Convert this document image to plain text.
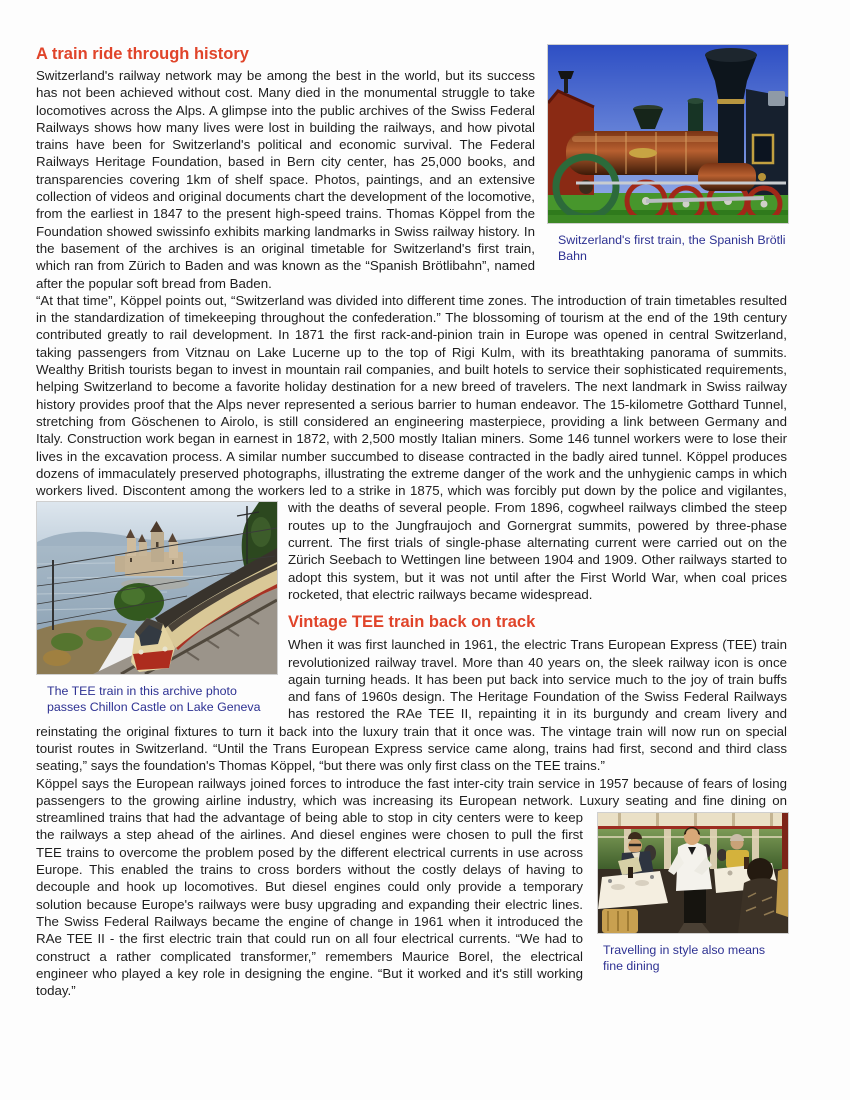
Switzerland's first train, the Spanish Brötli Bahn
A train ride through history

Switzerland's railway network may be among the best in the world, but its success has not been achieved without cost. Many died in the monumental struggle to take locomotives across the Alps. A glimpse into the public archives of the Swiss Federal Railways shows how many lives were lost in building the railways, and how pivotal trains have been for Switzerland's political and economic survival. The Federal Railways Heritage Foundation, based in Bern city center, has 25,000 books, and transparencies covering 1km of shelf space. Photos, paintings, and an extensive collection of videos and original documents chart the development of the locomotive, from the earliest in 1847 to the present high-speed trains. Thomas Köppel from the Foundation showed swissinfo exhibits marking landmarks in Swiss railway history. In the basement of the archives is an original timetable for Switzerland's first train, which ran from Zürich to Baden and was known as the “Spanish Brötlibahn”, named after the popular soft bread from Baden.

“At that time”, Köppel points out, “Switzerland was divided into different time zones. The introduction of train timetables resulted in the standardization of timekeeping throughout the confederation.” The blossoming of tourism at the end of the 19th century contributed greatly to rail development. In 1871 the first rack-and-pinion train in Europe was opened in central Switzerland, taking passengers from Vitznau on Lake Lucerne up to the top of Rigi Kulm, with its breathtaking panorama of summits. Wealthy British tourists began to invest in mountain rail companies, and built hotels to service their sophisticated requirements, helping Switzerland to become a favorite holiday destination for a new breed of travelers. The next landmark in Swiss railway history provides proof that the Alps never represented a serious barrier to human endeavor. The 15-kilometre Gotthard Tunnel, stretching from Göschenen to Airolo, is still considered an engineering masterpiece, providing a link between Germany and Italy. Construction work began in earnest in 1872, with 2,500 mostly Italian miners. Some 146 tunnel workers were to lose their lives in the excavation process. A similar number succumbed to disease contracted in the badly aired tunnel. Köppel produces dozens of immaculately preserved photographs, illustrating the extreme danger of the work and the unhygienic camps in which workers lived. Discontent among the workers led to a strike in 1875, which was forcibly put down by the police and vigilantes, with the deaths of several people. From 1896,
The TEE train in this archive photo passes Chillon Castle on Lake Geneva
cogwheel railways climbed the steep routes up to the Jungfraujoch and Gornergrat summits, powered by three-phase current. The first trials of single-phase alternating current were carried out on the Zürich Seebach to Wettingen line between 1904 and 1909. Other railways started to adopt this system, but it was not until after the First World War, when coal prices rocketed, that electric railways became widespread.

Vintage TEE train back on track

When it was first launched in 1961, the electric Trans European Express (TEE) train revolutionized railway travel. More than 40 years on, the sleek railway icon is once again turning heads. It has been put back into service much to the joy of train buffs and fans of 1960s design. The Heritage Foundation of the Swiss Federal Railways has restored the RAe TEE II, repainting it in its burgundy and cream livery and reinstating the original fixtures to turn it back into the luxury train that it once was. The vintage train will now run on special tourist routes in Switzerland. “Until the Trans European Express service came along, trains had first, second and third class seating,” says the foundation's Thomas Köppel, “but there was only first class on the TEE trains.”

Köppel says the European railways joined forces to introduce the fast inter-city train service in 1957 because of fears of losing passengers to the growing airline industry, which was increasing its European network. Luxury seating and fine
Travelling in style also means fine dining
dining on streamlined trains that had the advantage of being able to stop in city centers were to keep the railways a step ahead of the airlines. And diesel engines were chosen to pull the first TEE trains to overcome the problem posed by the different electrical currents in use across Europe. This enabled the trains to cross borders without the costly delays of having to decouple and hook up locomotives. But diesel engines could only provide a temporary solution because Europe's railways were busy upgrading and expanding their electric lines. The Swiss Federal Railways became the engine of change in 1961 when it introduced the RAe TEE II - the first electric train that could run on all four electrical currents. “We had to construct a rather complicated transformer,” remembers Maurice Borel, the electrical engineer who played a key role in designing the engine. “But it worked and it's still working today.”
